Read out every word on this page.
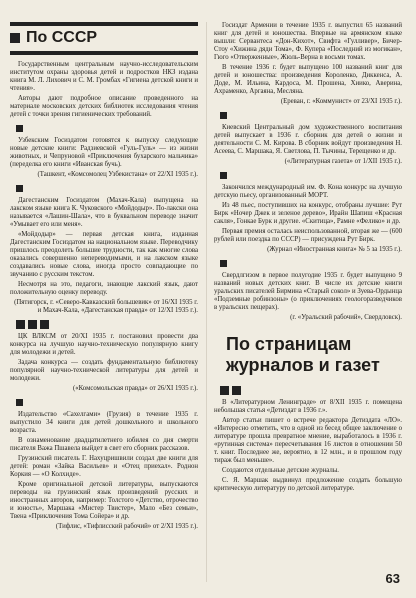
По СССР

Государственным центральным научно-исследовательским институтом охраны здоровья детей и подростков НКЗ издана книга М. Л. Лихович и С. М. Громбах «Гигиена детской книги и чтения».

Авторы дают подробное описание проведенного на материале московских детских библиотек исследования чтения детей с точки зрения гигиенических требований.

Узбекским Госиздатом готовятся к выпуску следующие новые детские книги: Радзиевской «Гуль-Гуль» — из жизни животных, и Чепруновой «Приключения бухарского мальчика» (переделка его книги «Иванская бучь).

(Ташкент, «Комсомолец Узбекистана» от 22/XI 1935 г.).

Дагестанским Госиздатом (Махач-Кала) выпущена на лакском языке книга К. Чуковского «Мойдодыр». По-лакски она называется «Лашин-Шала», что в буквальном переводе значит «Умывает его или меня».

«Мойдодыр» — первая детская книга, изданная Дагестанским Госиздатом на национальном языке. Переводчику пришлось преодолеть большие трудности, так как многие слова оказались совершенно непереводимыми, и на лакском языке создавались новые слова, иногда просто совпадающие по звучанию с русским текстом.

Несмотря на это, педагоги, знающие лакский язык, дают положительную оценку переводу.

(Пятигорск, г. «Северо-Кавказский большевик» от 16/XI 1935 г. и Махач-Кала, «Дагестанская правда» от 12/XI 1935 г.).

ЦК ВЛКСМ от 20/XI 1935 г. постановил провести два конкурса на лучшую научно-техническую популярную книгу для молодежи и детей.

Задача конкурса — создать фундаментальную библиотеку популярной научно-технической литературы для детей и молодежи.

(«Комсомольская правда» от 26/XI 1935 г.).

Издательство «Сахелгами» (Грузия) в течение 1935 г. выпустило 34 книги для детей дошкольного и школьного возраста.

В ознаменование двадцатилетнего юбилея со дня смерти писателя Важа Пшавела выйдет в свет его сборник рассказов.

Грузинский писатель Г. Нахуцришвили создал две книги для детей: роман «Зайка Васильев» и «Отец приехал». Роднон Коркия — «О Колхиде».

Кроме оригинальной детской литературы, выпускаются переводы на грузинский язык произведений русских и иностранных авторов, например: Толстого «Детство, отрочество и юность», Маршака «Мистер Твистер», Мало «Без семьи», Твена «Приключения Тома Сойера» и др.

(Тифлис, «Тифлисский рабочий» от 2/XI 1935 г.).

Госиздат Армении в течение 1935 г. выпустил 65 названий книг для детей и юношества. Впервые на армянском языке вышли: Сервантеса «Дон-Кихот», Свифта «Гулливер», Бичер-Стоу «Хижина дяди Тома», Ф. Купера «Последний из могикан», Гюго «Отверженные», Жюль-Верна в восьми томах.

В течение 1936 г. будет выпущено 100 названий книг для детей и юношества: произведения Короленко, Диккенса, А. Доде, М. Ильина, Кардоса, М. Прошена, Хиико, Аверина, Ахраменко, Аргаяна, Месляна.

(Ереван, г. «Коммунист» от 23/XI 1935 г.).

Киевский Центральный дом художественного воспитания детей выпускает в 1936 г. сборник для детей о жизни и деятельности С. М. Кирова. В сборник войдут произведения Н. Асеева, С. Маршака, Я. Светлова, П. Тычины, Терещенко и др.

(«Литературная газета» от 1/XII 1935 г.).

Закончился международный им. Ф. Кона конкурс на лучшую детскую пьесу, организованный МОРТ.

Из 48 пьес, поступивших на конкурс, отобраны лучшие: Рут Бирк «Ночер Джек и зеленое дерево», Ирайн Шапиш «Красная сакля», Гонкае Бурк и другие. «Скитица», Рамне «Фелико» и др.

Первая премия осталась неиспользованной, вторая же — (600 рублей или поездка по СССР) — присуждена Рут Бирк.

(Журнал «Иностранная книга» № 5 за 1935 г.).

Свердлгизом в первое полугодие 1935 г. будет выпущено 9 названий новых детских книг. В числе их детские книги уральских писателей Бирмина «Старый сокол» и Зуева-Ордынца «Подземные робинзоны» (о приключениях геологоразведчиков в уральских пещерах).

(г. «Уральский рабочий», Свердловск).

По страницам журналов и газет

В «Литературном Ленинграде» от 8/XII 1935 г. помещена небольшая статья «Детиздат в 1936 г.».

Автор статьи пишет о встрече редактора Детиздата «ЛО». «Интересно отметить, что в одной из бесед общее заключение о литературе прошла превратное мнение, выработалось в 1936 г. «рутинная система» пересчетывания 16 листов в отношении 50 т. книг. Последнее же, вероятно, в 12 млн., и в прошлом году тираж был меньше».

Создаются отдельные детские журналы.

С. Я. Маршак выдвинул предложение создать большую критическую литературу по детской литературе.

63
